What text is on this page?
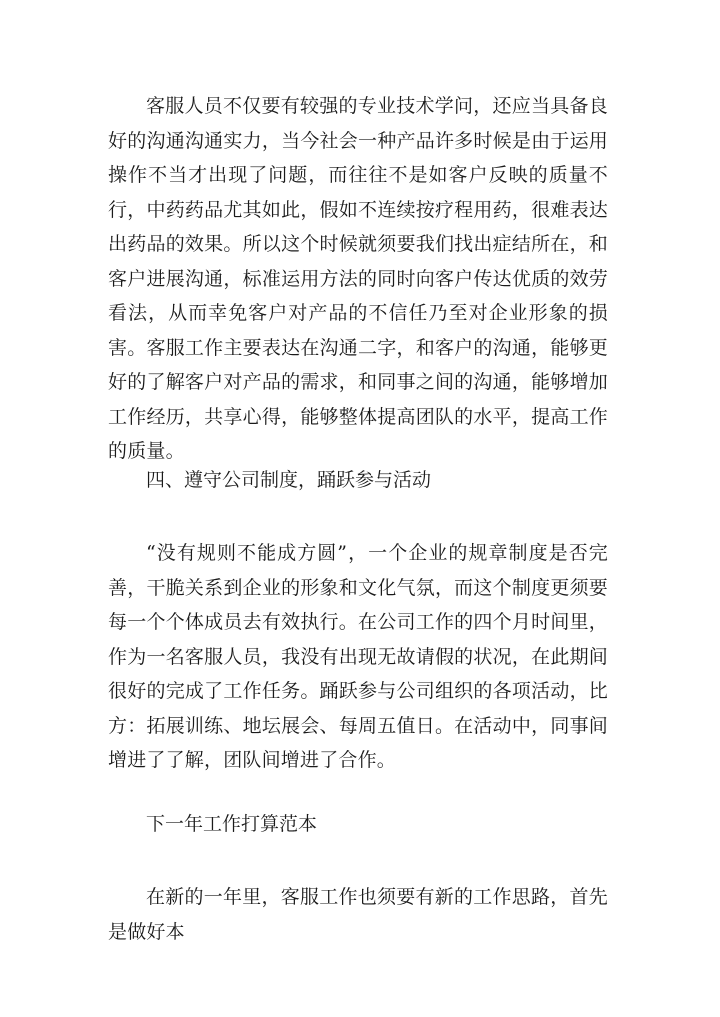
客服人员不仅要有较强的专业技术学问，还应当具备良好的沟通沟通实力，当今社会一种产品许多时候是由于运用操作不当才出现了问题，而往往不是如客户反映的质量不行，中药药品尤其如此，假如不连续按疗程用药，很难表达出药品的效果。所以这个时候就须要我们找出症结所在，和客户进展沟通，标准运用方法的同时向客户传达优质的效劳看法，从而幸免客户对产品的不信任乃至对企业形象的损害。客服工作主要表达在沟通二字，和客户的沟通，能够更好的了解客户对产品的需求，和同事之间的沟通，能够增加工作经历，共享心得，能够整体提高团队的水平，提高工作的质量。

四、遵守公司制度，踊跃参与活动

“没有规则不能成方圆”，一个企业的规章制度是否完善，干脆关系到企业的形象和文化气氛，而这个制度更须要每一个个体成员去有效执行。在公司工作的四个月时间里，作为一名客服人员，我没有出现无故请假的状况，在此期间很好的完成了工作任务。踊跃参与公司组织的各项活动，比方：拓展训练、地坛展会、每周五值日。在活动中，同事间增进了了解，团队间增进了合作。

下一年工作打算范本

在新的一年里，客服工作也须要有新的工作思路，首先是做好本
